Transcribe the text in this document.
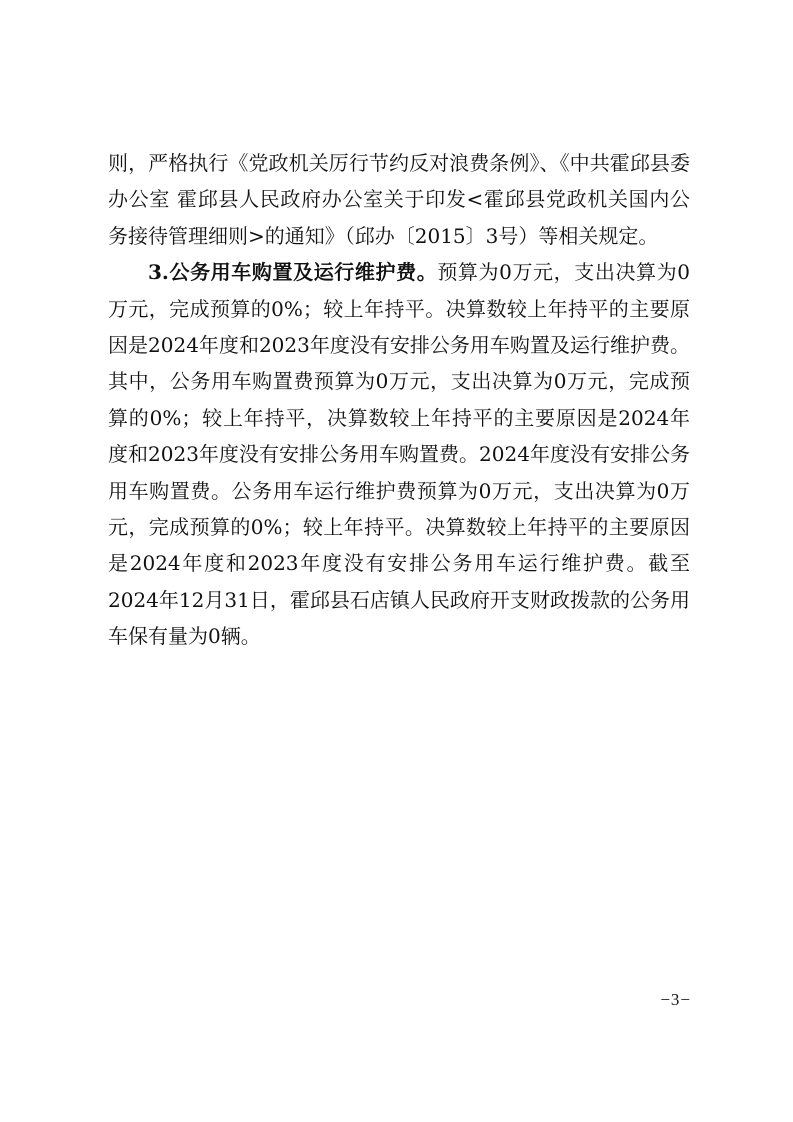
则，严格执行《党政机关厉行节约反对浪费条例》、《中共霍邱县委办公室 霍邱县人民政府办公室关于印发<霍邱县党政机关国内公务接待管理细则>的通知》（邱办〔2015〕3号）等相关规定。

3.公务用车购置及运行维护费。预算为0万元，支出决算为0万元，完成预算的0%；较上年持平。决算数较上年持平的主要原因是2024年度和2023年度没有安排公务用车购置及运行维护费。其中，公务用车购置费预算为0万元，支出决算为0万元，完成预算的0%；较上年持平，决算数较上年持平的主要原因是2024年度和2023年度没有安排公务用车购置费。2024年度没有安排公务用车购置费。公务用车运行维护费预算为0万元，支出决算为0万元，完成预算的0%；较上年持平。决算数较上年持平的主要原因是2024年度和2023年度没有安排公务用车运行维护费。截至2024年12月31日，霍邱县石店镇人民政府开支财政拨款的公务用车保有量为0辆。

−3−
